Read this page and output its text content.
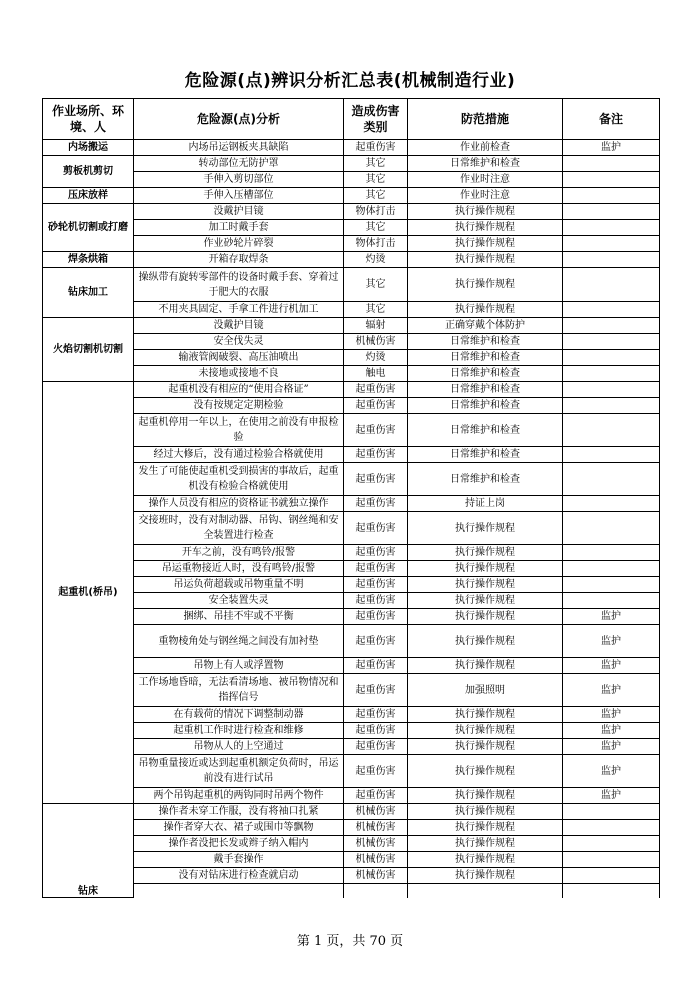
危险源(点)辨识分析汇总表(机械制造行业)
作业场所、环境、人	危险源(点)分析	造成伤害类别	防范措施	备注
内场搬运	内场吊运钢板夹具缺陷	起重伤害	作业前检查	监护
剪板机剪切	转动部位无防护罩	其它	日常维护和检查	
	手伸入剪切部位	其它	作业时注意	
压床放样	手伸入压槽部位	其它	作业时注意	
砂轮机切割或打磨	没戴护目镜	物体打击	执行操作规程	
	加工时戴手套	其它	执行操作规程	
	作业砂轮片碎裂	物体打击	执行操作规程	
焊条烘箱	开箱存取焊条	灼烫	执行操作规程	
钻床加工	操纵带有旋转零部件的设备时戴手套、穿着过于肥大的衣服	其它	执行操作规程	
	不用夹具固定、手拿工件进行机加工	其它	执行操作规程	
火焰切割机切割	没戴护目镜	辐射	正确穿戴个体防护	
	安全伐失灵	机械伤害	日常维护和检查	
	输液管阀破裂、高压油喷出	灼烫	日常维护和检查	
	未接地或接地不良	触电	日常维护和检查	
起重机(桥吊)	起重机没有相应的“使用合格证”	起重伤害	日常维护和检查	
	没有按规定定期检验	起重伤害	日常维护和检查	
	起重机停用一年以上，在使用之前没有申报检验	起重伤害	日常维护和检查	
	经过大修后，没有通过检验合格就使用	起重伤害	日常维护和检查	
	发生了可能使起重机受到损害的事故后，起重机没有检验合格就使用	起重伤害	日常维护和检查	
	操作人员没有相应的资格证书就独立操作	起重伤害	持证上岗	
	交接班时，没有对制动器、吊钩、钢丝绳和安全装置进行检查	起重伤害	执行操作规程	
	开车之前，没有鸣铃/报警	起重伤害	执行操作规程	
	吊运重物接近人时，没有鸣铃/报警	起重伤害	执行操作规程	
	吊运负荷超载或吊物重量不明	起重伤害	执行操作规程	
	安全装置失灵	起重伤害	执行操作规程	
	捆绑、吊挂不牢或不平衡	起重伤害	执行操作规程	监护
	重物棱角处与钢丝绳之间没有加衬垫	起重伤害	执行操作规程	监护
	吊物上有人或浮置物	起重伤害	执行操作规程	监护
	工作场地昏暗，无法看清场地、被吊物情况和指挥信号	起重伤害	加强照明	监护
	在有载荷的情况下调整制动器	起重伤害	执行操作规程	监护
	起重机工作时进行检查和维修	起重伤害	执行操作规程	监护
	吊物从人的上空通过	起重伤害	执行操作规程	监护
	吊物重量接近或达到起重机额定负荷时，吊运前没有进行试吊	起重伤害	执行操作规程	监护
	两个吊钩起重机的两钩同时吊两个物件	起重伤害	执行操作规程	监护
钻床	操作者未穿工作服，没有将袖口扎紧	机械伤害	执行操作规程	
	操作者穿大衣、裙子或围巾等飘物	机械伤害	执行操作规程	
	操作者没把长发或辫子纳入帽内	机械伤害	执行操作规程	
	戴手套操作	机械伤害	执行操作规程	
	没有对钻床进行检查就启动	机械伤害	执行操作规程	

第 1 页，共 70 页
